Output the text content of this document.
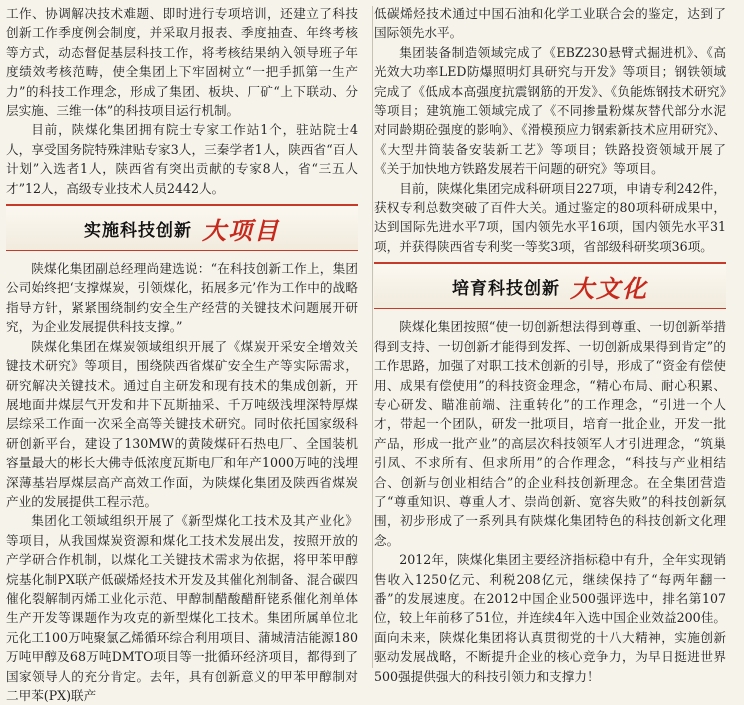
工作、协调解决技术难题、即时进行专项培训，还建立了科技创新工作季度例会制度，并采取月报表、季度抽查、年终考核等方式，动态督促基层科技工作，将考核结果纳入领导班子年度绩效考核范畴，使全集团上下牢固树立“一把手抓第一生产力”的科技工作理念，形成了集团、板块、厂矿“上下联动、分层实施、三维一体”的科技项目运行机制。

目前，陕煤化集团拥有院士专家工作站1个，驻站院士4人，享受国务院特殊津贴专家3人，三秦学者1人，陕西省“百人计划”入选者1人，陕西省有突出贡献的专家8人，省“三五人才”12人，高级专业技术人员2442人。

实施科技创新 大项目

陕煤化集团副总经理尚建选说：“在科技创新工作上，集团公司始终把‘支撑煤炭，引领煤化，拓展多元’作为工作中的战略指导方针，紧紧围绕制约安全生产经营的关键技术问题展开研究，为企业发展提供科技支撑。”

陕煤化集团在煤炭领域组织开展了《煤炭开采安全增效关键技术研究》等项目，围绕陕西省煤矿安全生产等实际需求，研究解决关键技术。通过自主研发和现有技术的集成创新，开展地面井煤层气开发和井下瓦斯抽采、千万吨级浅埋深特厚煤层综采工作面一次采全高等关键技术研究。同时依托国家级科研创新平台，建设了130MW的黄陵煤矸石热电厂、全国装机容量最大的彬长大佛寺低浓度瓦斯电厂和年产1000万吨的浅埋深薄基岩厚煤层高产高效工作面，为陕煤化集团及陕西省煤炭产业的发展提供工程示范。

集团化工领域组织开展了《新型煤化工技术及其产业化》等项目，从我国煤炭资源和煤化工技术发展出发，按照开放的产学研合作机制，以煤化工关键技术需求为依据，将甲苯甲醇烷基化制PX联产低碳烯烃技术开发及其催化剂制备、混合碳四催化裂解制丙烯工业化示范、甲醇制醋酸醋酐铑系催化剂单体生产开发等课题作为攻克的新型煤化工技术。集团所属单位北元化工100万吨聚氯乙烯循环综合利用项目、蒲城清洁能源180万吨甲醇及68万吨DMTO项目等一批循环经济项目，都得到了国家领导人的充分肯定。去年，具有创新意义的甲苯甲醇制对二甲苯(PX)联产

低碳烯烃技术通过中国石油和化学工业联合会的鉴定，达到了国际领先水平。

集团装备制造领域完成了《EBZ230悬臂式掘进机》、《高光效大功率LED防爆照明灯具研究与开发》等项目；钢铁领域完成了《低成本高强度抗震钢筋的开发》、《负能炼钢技术研究》等项目；建筑施工领域完成了《不同掺量粉煤灰替代部分水泥对同龄期砼强度的影响》、《滑模预应力钢索新技术应用研究》、《大型井筒装备安装新工艺》等项目；铁路投资领域开展了《关于加快地方铁路发展若干问题的研究》等项目。

目前，陕煤化集团完成科研项目227项，申请专利242件，获权专利总数突破了百件大关。通过鉴定的80项科研成果中，达到国际先进水平7项，国内领先水平16项，国内领先水平31项，并获得陕西省专利奖一等奖3项，省部级科研奖项36项。

培育科技创新 大文化

陕煤化集团按照“使一切创新想法得到尊重、一切创新举措得到支持、一切创新才能得到发挥、一切创新成果得到肯定”的工作思路，加强了对职工技术创新的引导，形成了“资金有偿使用、成果有偿使用”的科技资金理念，“精心布局、耐心积累、专心研发、瞄准前端、注重转化”的工作理念，“引进一个人才，带起一个团队，研发一批项目，培育一批企业，开发一批产品，形成一批产业”的高层次科技领军人才引进理念，“筑巢引凤、不求所有、但求所用”的合作理念，“科技与产业相结合、创新与创业相结合”的企业科技创新理念。在全集团营造了“尊重知识、尊重人才、崇尚创新、宽容失败”的科技创新氛围，初步形成了一系列具有陕煤化集团特色的科技创新文化理念。

2012年，陕煤化集团主要经济指标稳中有升，全年实现销售收入1250亿元、利税208亿元，继续保持了“每两年翻一番”的发展速度。在2012中国企业500强评选中，排名第107位，较上年前移了51位，并连续4年入选中国企业效益200佳。面向未来，陕煤化集团将认真贯彻党的十八大精神，实施创新驱动发展战略，不断提升企业的核心竞争力，为早日挺进世界500强提供强大的科技引领力和支撑力！
